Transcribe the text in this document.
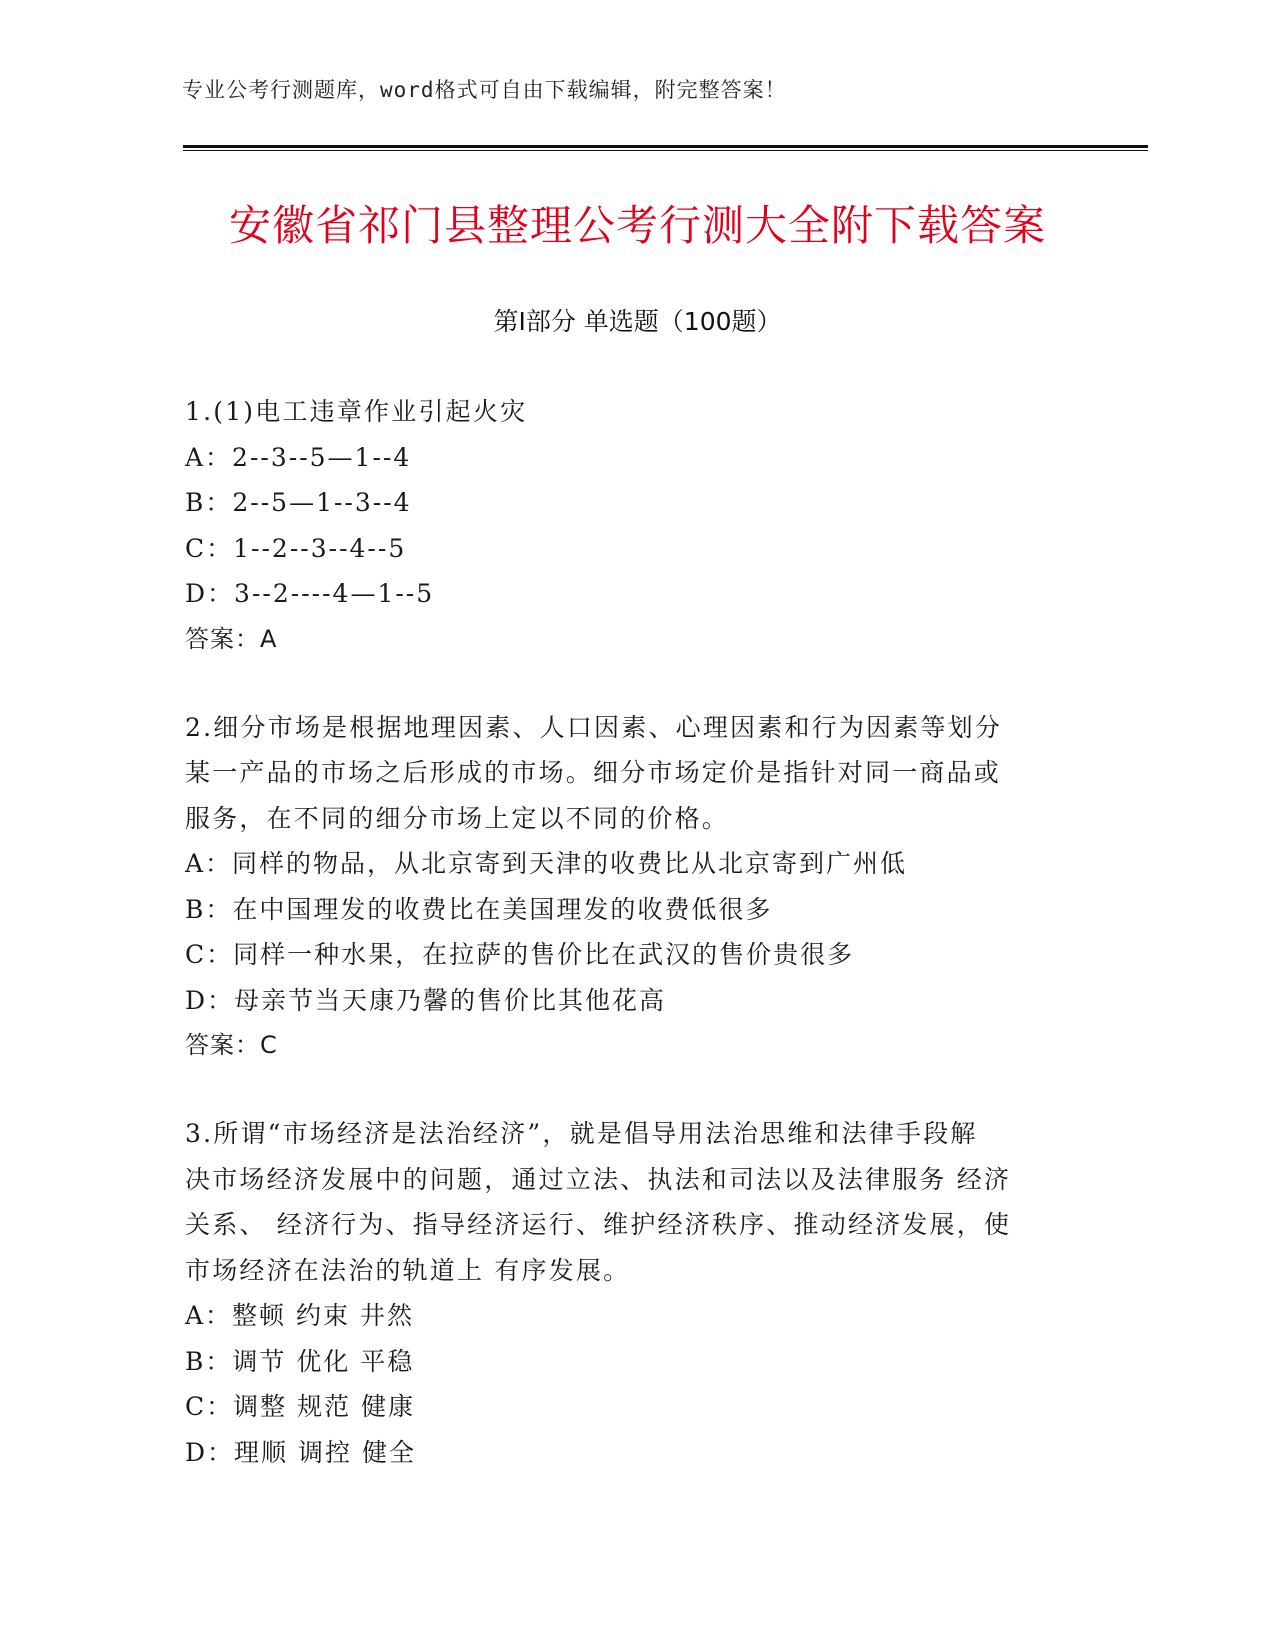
专业公考行测题库，word格式可自由下载编辑，附完整答案！
安徽省祁门县整理公考行测大全附下载答案
第Ⅰ部分 单选题（100题）
1.(1)电工违章作业引起火灾
A：2--3--5—1--4
B：2--5—1--3--4
C：1--2--3--4--5
D：3--2----4—1--5
答案：A
2.细分市场是根据地理因素、人口因素、心理因素和行为因素等划分
某一产品的市场之后形成的市场。细分市场定价是指针对同一商品或
服务，在不同的细分市场上定以不同的价格。
A：同样的物品，从北京寄到天津的收费比从北京寄到广州低
B：在中国理发的收费比在美国理发的收费低很多
C：同样一种水果，在拉萨的售价比在武汉的售价贵很多
D：母亲节当天康乃馨的售价比其他花高
答案：C
3.所谓“市场经济是法治经济”，就是倡导用法治思维和法律手段解
决市场经济发展中的问题，通过立法、执法和司法以及法律服务 经济
关系、 经济行为、指导经济运行、维护经济秩序、推动经济发展，使
市场经济在法治的轨道上 有序发展。
A：整顿 约束 井然
B：调节 优化 平稳
C：调整 规范 健康
D：理顺 调控 健全
